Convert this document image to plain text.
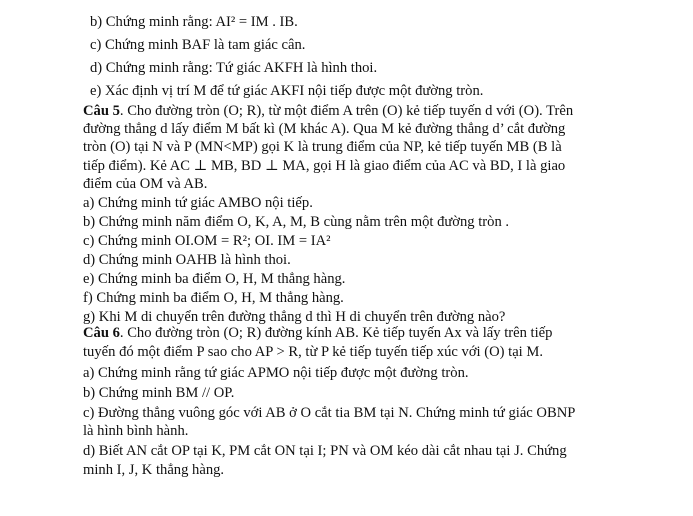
b) Chứng minh rằng: AI² = IM . IB.
c) Chứng minh BAF là tam giác cân.
d) Chứng minh rằng: Tứ giác AKFH là hình thoi.
e) Xác định vị trí M để tứ giác AKFI nội tiếp được một đường tròn.
Câu 5. Cho đường tròn (O; R), từ một điểm A trên (O) kẻ tiếp tuyến d với (O). Trên
đường thẳng d lấy điểm M bất kì (M khác A). Qua M kẻ đường thẳng d’ cắt đường
tròn (O) tại N và P (MN<MP) gọi K là trung điểm của NP, kẻ tiếp tuyến MB (B là
tiếp điểm). Kẻ AC ⊥ MB, BD ⊥ MA, gọi H là giao điểm của AC và BD, I là giao
điểm của OM và AB.
a) Chứng minh tứ giác AMBO nội tiếp.
b) Chứng minh năm điểm O, K, A, M, B cùng nằm trên một đường tròn .
c) Chứng minh OI.OM = R²; OI. IM = IA²
d) Chứng minh OAHB là hình thoi.
e) Chứng minh ba điểm O, H, M thẳng hàng.
f) Chứng minh ba điểm O, H, M thẳng hàng.
g) Khi M di chuyển trên đường thẳng d thì H di chuyển trên đường nào?
Câu 6. Cho đường tròn (O; R) đường kính AB. Kẻ tiếp tuyến Ax và lấy trên tiếp
tuyến đó một điểm P sao cho AP > R, từ P kẻ tiếp tuyến tiếp xúc với (O) tại M.
a) Chứng minh rằng tứ giác APMO nội tiếp được một đường tròn.
b) Chứng minh BM // OP.
c) Đường thẳng vuông góc với AB ở O cắt tia BM tại N. Chứng minh tứ giác OBNP
là hình bình hành.
d) Biết AN cắt OP tại K, PM cắt ON tại I; PN và OM kéo dài cắt nhau tại J. Chứng
minh I, J, K thẳng hàng.
